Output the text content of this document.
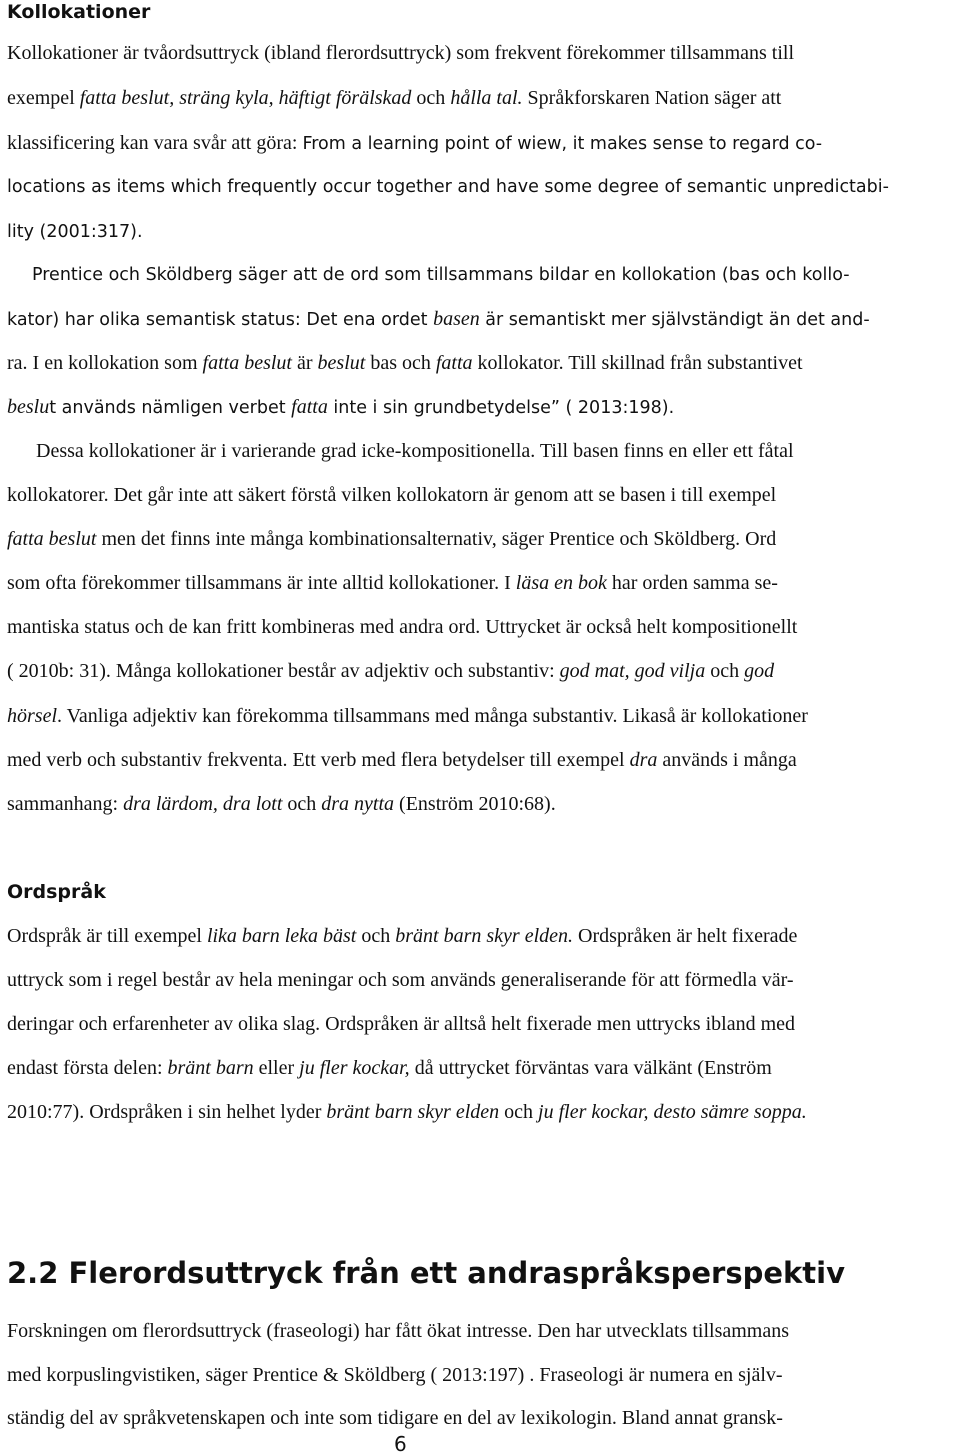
Kollokationer
Kollokationer är tvåordsuttryck (ibland flerordsuttryck) som frekvent förekommer tillsammans till
exempel fatta beslut, sträng kyla, häftigt förälskad och hålla tal. Språkforskaren Nation säger att
klassificering kan vara svår att göra: From a learning point of wiew, it makes sense to regard co-
locations as items which frequently occur together and have some degree of semantic unpredictabi-
lity (2001:317).
Prentice och Sköldberg säger att de ord som tillsammans bildar en kollokation (bas och kollo-
kator) har olika semantisk status: Det ena ordet basen är semantiskt mer självständigt än det and-
ra. I en kollokation som fatta beslut är beslut bas och fatta kollokator. Till skillnad från substantivet
beslut används nämligen verbet fatta inte i sin grundbetydelse” ( 2013:198).
Dessa kollokationer är i varierande grad icke-kompositionella. Till basen finns en eller ett fåtal
kollokatorer. Det går inte att säkert förstå vilken kollokatorn är genom att se basen i till exempel
fatta beslut men det finns inte många kombinationsalternativ, säger Prentice och Sköldberg. Ord
som ofta förekommer tillsammans är inte alltid kollokationer. I läsa en bok har orden samma se-
mantiska status och de kan fritt kombineras med andra ord. Uttrycket är också helt kompositionellt
( 2010b: 31). Många kollokationer består av adjektiv och substantiv: god mat, god vilja och god
hörsel. Vanliga adjektiv kan förekomma tillsammans med många substantiv. Likaså är kollokationer
med verb och substantiv frekventa. Ett verb med flera betydelser till exempel dra används i många
sammanhang: dra lärdom, dra lott och dra nytta (Enström 2010:68).
Ordspråk
Ordspråk är till exempel lika barn leka bäst och bränt barn skyr elden. Ordspråken är helt fixerade
uttryck som i regel består av hela meningar och som används generaliserande för att förmedla vär-
deringar och erfarenheter av olika slag. Ordspråken är alltså helt fixerade men uttrycks ibland med
endast första delen: bränt barn eller ju fler kockar, då uttrycket förväntas vara välkänt (Enström
2010:77). Ordspråken i sin helhet lyder bränt barn skyr elden och ju fler kockar, desto sämre soppa.
2.2 Flerordsuttryck från ett andraspråksperspektiv
Forskningen om flerordsuttryck (fraseologi) har fått ökat intresse. Den har utvecklats tillsammans
med korpuslingvistiken, säger Prentice & Sköldberg ( 2013:197) . Fraseologi är numera en själv-
ständig del av språkvetenskapen och inte som tidigare en del av lexikologin. Bland annat gransk-
6
